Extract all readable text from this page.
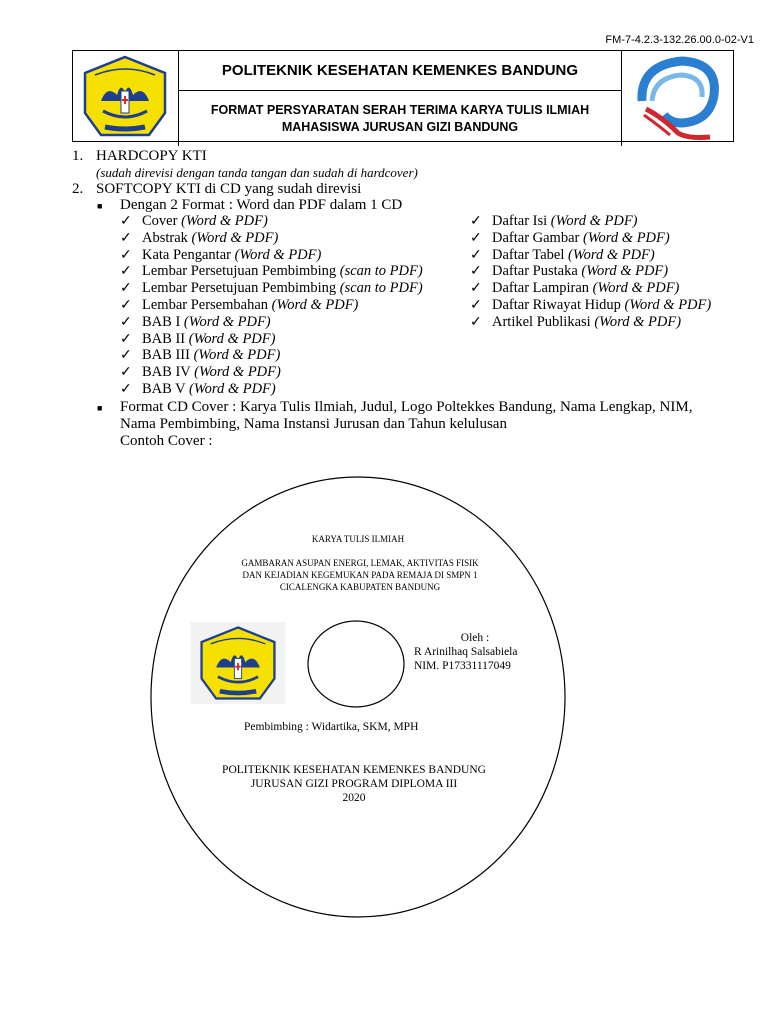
FM-7-4.2.3-132.26.00.0-02-V1
POLITEKNIK KESEHATAN KEMENKES BANDUNG
FORMAT PERSYARATAN SERAH TERIMA KARYA TULIS ILMIAH
MAHASISWA JURUSAN GIZI BANDUNG
1. HARDCOPY KTI
(sudah direvisi dengan tanda tangan dan sudah di hardcover)
2. SOFTCOPY KTI di CD yang sudah direvisi
■ Dengan 2 Format : Word dan PDF dalam 1 CD
✓ Cover (Word & PDF)
✓ Abstrak (Word & PDF)
✓ Kata Pengantar (Word & PDF)
✓ Lembar Persetujuan Pembimbing (scan to PDF)
✓ Lembar Persetujuan Pembimbing (scan to PDF)
✓ Lembar Persembahan (Word & PDF)
✓ BAB I (Word & PDF)
✓ BAB II (Word & PDF)
✓ BAB III (Word & PDF)
✓ BAB IV (Word & PDF)
✓ BAB V (Word & PDF)
✓ Daftar Isi (Word & PDF)
✓ Daftar Gambar (Word & PDF)
✓ Daftar Tabel (Word & PDF)
✓ Daftar Pustaka (Word & PDF)
✓ Daftar Lampiran (Word & PDF)
✓ Daftar Riwayat Hidup (Word & PDF)
✓ Artikel Publikasi (Word & PDF)
■ Format CD Cover : Karya Tulis Ilmiah, Judul, Logo Poltekkes Bandung, Nama Lengkap, NIM,
Nama Pembimbing, Nama Instansi Jurusan dan Tahun kelulusan
Contoh Cover :
KARYA TULIS ILMIAH
GAMBARAN ASUPAN ENERGI, LEMAK, AKTIVITAS FISIK
DAN KEJADIAN KEGEMUKAN PADA REMAJA DI SMPN 1
CICALENGKA KABUPATEN BANDUNG
Oleh :
R Arinilhaq Salsabiela
NIM. P17331117049
Pembimbing : Widartika, SKM, MPH
POLITEKNIK KESEHATAN KEMENKES BANDUNG
JURUSAN GIZI PROGRAM DIPLOMA III
2020
